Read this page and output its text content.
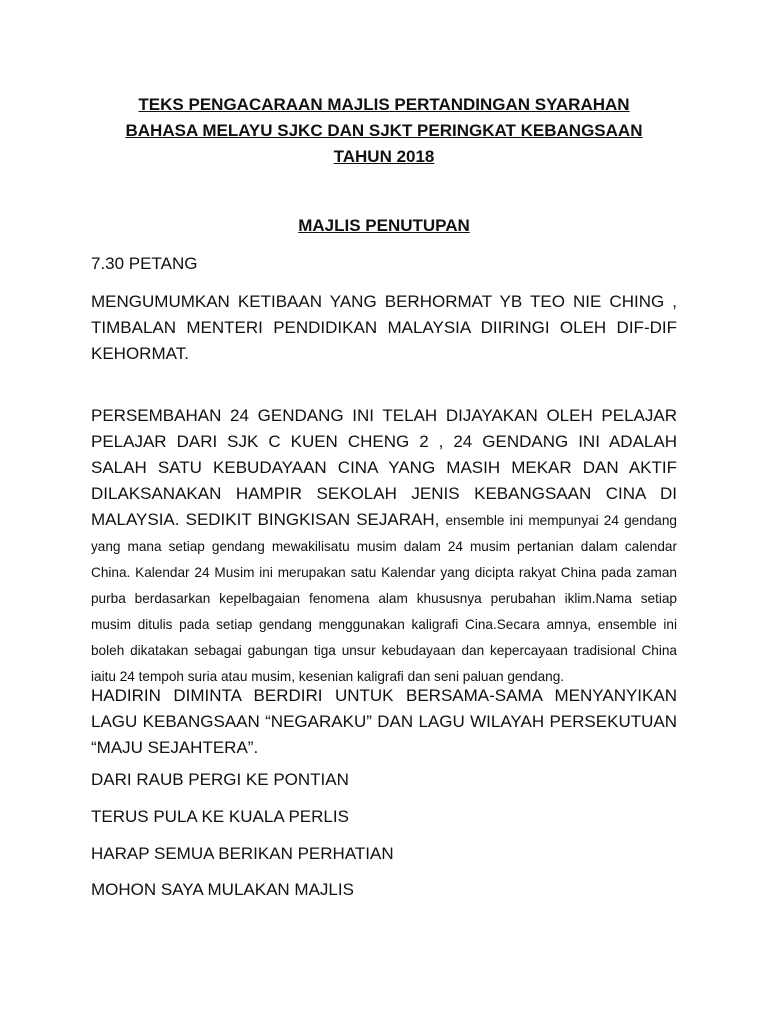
TEKS PENGACARAAN MAJLIS PERTANDINGAN SYARAHAN
BAHASA MELAYU SJKC DAN SJKT PERINGKAT KEBANGSAAN
TAHUN 2018
MAJLIS PENUTUPAN
7.30 PETANG
MENGUMUMKAN KETIBAAN YANG BERHORMAT YB TEO NIE CHING , TIMBALAN MENTERI PENDIDIKAN MALAYSIA DIIRINGI OLEH DIF-DIF KEHORMAT.
PERSEMBAHAN 24 GENDANG INI TELAH DIJAYAKAN OLEH PELAJAR PELAJAR DARI SJK C KUEN CHENG 2 , 24 GENDANG INI ADALAH SALAH SATU KEBUDAYAAN CINA YANG MASIH MEKAR DAN AKTIF DILAKSANAKAN HAMPIR SEKOLAH JENIS KEBANGSAAN CINA DI MALAYSIA. SEDIKIT BINGKISAN SEJARAH, ensemble ini mempunyai 24 gendang yang mana setiap gendang mewakilisatu musim dalam 24 musim pertanian dalam calendar China. Kalendar 24 Musim ini merupakan satu Kalendar yang dicipta rakyat China pada zaman purba berdasarkan kepelbagaian fenomena alam khususnya perubahan iklim.Nama setiap musim ditulis pada setiap gendang menggunakan kaligrafi Cina.Secara amnya, ensemble ini boleh dikatakan sebagai gabungan tiga unsur kebudayaan dan kepercayaan tradisional China iaitu 24 tempoh suria atau musim, kesenian kaligrafi dan seni paluan gendang.
HADIRIN DIMINTA BERDIRI UNTUK BERSAMA-SAMA MENYANYIKAN LAGU KEBANGSAAN “NEGARAKU” DAN LAGU WILAYAH PERSEKUTUAN “MAJU SEJAHTERA”.
DARI RAUB PERGI KE PONTIAN
TERUS PULA KE KUALA PERLIS
HARAP SEMUA BERIKAN PERHATIAN
MOHON SAYA MULAKAN MAJLIS
